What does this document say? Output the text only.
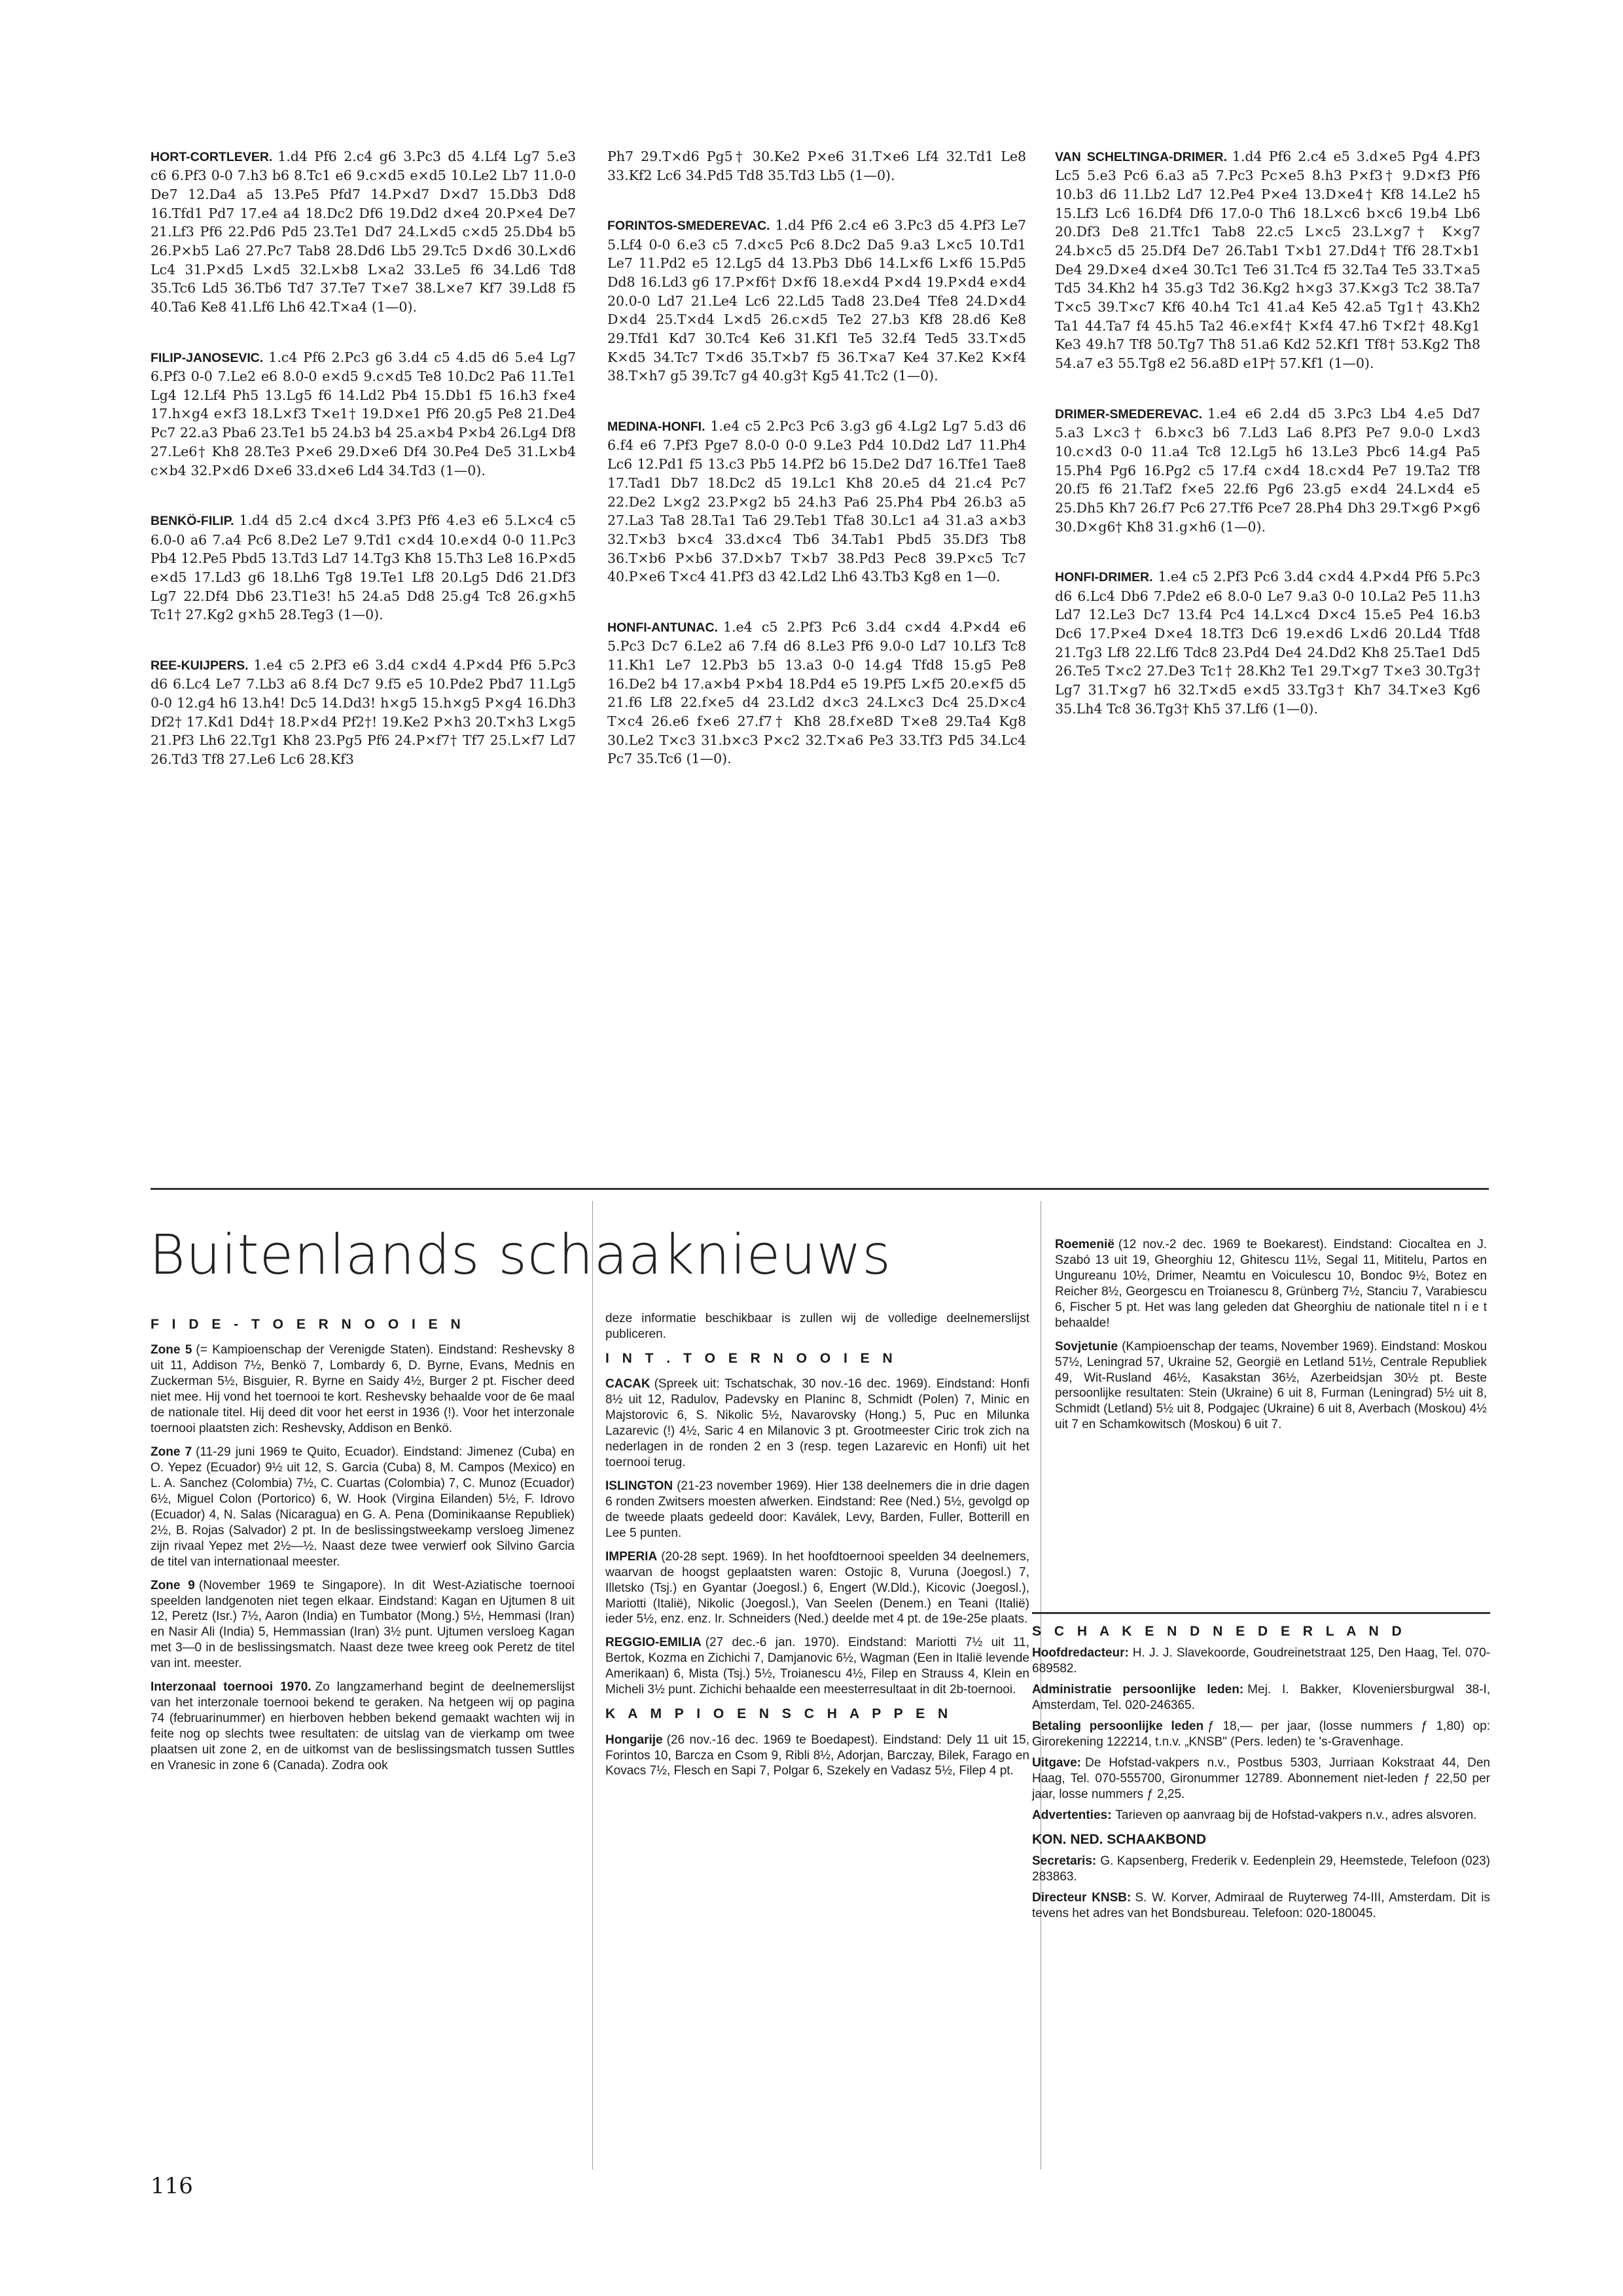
HORT-CORTLEVER. 1.d4 Pf6 2.c4 g6 3.Pc3 d5 4.Lf4 Lg7 5.e3 c6 6.Pf3 0-0 7.h3 b6 8.Tc1 e6 9.c×d5 e×d5 10.Le2 Lb7 11.0-0 De7 12.Da4 a5 13.Pe5 Pfd7 14.P×d7 D×d7 15.Db3 Dd8 16.Tfd1 Pd7 17.e4 a4 18.Dc2 Df6 19.Dd2 d×e4 20.P×e4 De7 21.Lf3 Pf6 22.Pd6 Pd5 23.Te1 Dd7 24.L×d5 c×d5 25.Db4 b5 26.P×b5 La6 27.Pc7 Tab8 28.Dd6 Lb5 29.Tc5 D×d6 30.L×d6 Lc4 31.P×d5 L×d5 32.L×b8 L×a2 33.Le5 f6 34.Ld6 Td8 35.Tc6 Ld5 36.Tb6 Td7 37.Te7 T×e7 38.L×e7 Kf7 39.Ld8 f5 40.Ta6 Ke8 41.Lf6 Lh6 42.T×a4 (1—0).
FILIP-JANOSEVIC. 1.c4 Pf6 2.Pc3 g6 3.d4 c5 4.d5 d6 5.e4 Lg7 6.Pf3 0-0 7.Le2 e6 8.0-0 e×d5 9.c×d5 Te8 10.Dc2 Pa6 11.Te1 Lg4 12.Lf4 Ph5 13.Lg5 f6 14.Ld2 Pb4 15.Db1 f5 16.h3 f×e4 17.h×g4 e×f3 18.L×f3 T×e1† 19.D×e1 Pf6 20.g5 Pe8 21.De4 Pc7 22.a3 Pba6 23.Te1 b5 24.b3 b4 25.a×b4 P×b4 26.Lg4 Df8 27.Le6† Kh8 28.Te3 P×e6 29.D×e6 Df4 30.Pe4 De5 31.L×b4 c×b4 32.P×d6 D×e6 33.d×e6 Ld4 34.Td3 (1—0).
BENKÖ-FILIP. 1.d4 d5 2.c4 d×c4 3.Pf3 Pf6 4.e3 e6 5.L×c4 c5 6.0-0 a6 7.a4 Pc6 8.De2 Le7 9.Td1 c×d4 10.e×d4 0-0 11.Pc3 Pb4 12.Pe5 Pbd5 13.Td3 Ld7 14.Tg3 Kh8 15.Th3 Le8 16.P×d5 e×d5 17.Ld3 g6 18.Lh6 Tg8 19.Te1 Lf8 20.Lg5 Dd6 21.Df3 Lg7 22.Df4 Db6 23.T1e3! h5 24.a5 Dd8 25.g4 Tc8 26.g×h5 Tc1† 27.Kg2 g×h5 28.Teg3 (1—0).
REE-KUIJPERS. 1.e4 c5 2.Pf3 e6 3.d4 c×d4 4.P×d4 Pf6 5.Pc3 d6 6.Lc4 Le7 7.Lb3 a6 8.f4 Dc7 9.f5 e5 10.Pde2 Pbd7 11.Lg5 0-0 12.g4 h6 13.h4! Dc5 14.Dd3! h×g5 15.h×g5 P×g4 16.Dh3 Df2† 17.Kd1 Dd4† 18.P×d4 Pf2†! 19.Ke2 P×h3 20.T×h3 L×g5 21.Pf3 Lh6 22.Tg1 Kh8 23.Pg5 Pf6 24.P×f7† Tf7 25.L×f7 Ld7 26.Td3 Tf8 27.Le6 Lc6 28.Kf3
Ph7 29.T×d6 Pg5† 30.Ke2 P×e6 31.T×e6 Lf4 32.Td1 Le8 33.Kf2 Lc6 34.Pd5 Td8 35.Td3 Lb5 (1—0).
FORINTOS-SMEDEREVAC. 1.d4 Pf6 2.c4 e6 3.Pc3 d5 4.Pf3 Le7 5.Lf4 0-0 6.e3 c5 7.d×c5 Pc6 8.Dc2 Da5 9.a3 L×c5 10.Td1 Le7 11.Pd2 e5 12.Lg5 d4 13.Pb3 Db6 14.L×f6 L×f6 15.Pd5 Dd8 16.Ld3 g6 17.P×f6† D×f6 18.e×d4 P×d4 19.P×d4 e×d4 20.0-0 Ld7 21.Le4 Lc6 22.Ld5 Tad8 23.De4 Tfe8 24.D×d4 D×d4 25.T×d4 L×d5 26.c×d5 Te2 27.b3 Kf8 28.d6 Ke8 29.Tfd1 Kd7 30.Tc4 Ke6 31.Kf1 Te5 32.f4 Ted5 33.T×d5 K×d5 34.Tc7 T×d6 35.T×b7 f5 36.T×a7 Ke4 37.Ke2 K×f4 38.T×h7 g5 39.Tc7 g4 40.g3† Kg5 41.Tc2 (1—0).
MEDINA-HONFI. 1.e4 c5 2.Pc3 Pc6 3.g3 g6 4.Lg2 Lg7 5.d3 d6 6.f4 e6 7.Pf3 Pge7 8.0-0 0-0 9.Le3 Pd4 10.Dd2 Ld7 11.Ph4 Lc6 12.Pd1 f5 13.c3 Pb5 14.Pf2 b6 15.De2 Dd7 16.Tfe1 Tae8 17.Tad1 Db7 18.Dc2 d5 19.Lc1 Kh8 20.e5 d4 21.c4 Pc7 22.De2 L×g2 23.P×g2 b5 24.h3 Pa6 25.Ph4 Pb4 26.b3 a5 27.La3 Ta8 28.Ta1 Ta6 29.Teb1 Tfa8 30.Lc1 a4 31.a3 a×b3 32.T×b3 b×c4 33.d×c4 Tb6 34.Tab1 Pbd5 35.Df3 Tb8 36.T×b6 P×b6 37.D×b7 T×b7 38.Pd3 Pec8 39.P×c5 Tc7 40.P×e6 T×c4 41.Pf3 d3 42.Ld2 Lh6 43.Tb3 Kg8 en 1—0.
HONFI-ANTUNAC. 1.e4 c5 2.Pf3 Pc6 3.d4 c×d4 4.P×d4 e6 5.Pc3 Dc7 6.Le2 a6 7.f4 d6 8.Le3 Pf6 9.0-0 Ld7 10.Lf3 Tc8 11.Kh1 Le7 12.Pb3 b5 13.a3 0-0 14.g4 Tfd8 15.g5 Pe8 16.De2 b4 17.a×b4 P×b4 18.Pd4 e5 19.Pf5 L×f5 20.e×f5 d5 21.f6 Lf8 22.f×e5 d4 23.Ld2 d×c3 24.L×c3 Dc4 25.D×c4 T×c4 26.e6 f×e6 27.f7† Kh8 28.f×e8D T×e8 29.Ta4 Kg8 30.Le2 T×c3 31.b×c3 P×c2 32.T×a6 Pe3 33.Tf3 Pd5 34.Lc4 Pc7 35.Tc6 (1—0).
VAN SCHELTINGA-DRIMER. 1.d4 Pf6 2.c4 e5 3.d×e5 Pg4 4.Pf3 Lc5 5.e3 Pc6 6.a3 a5 7.Pc3 Pc×e5 8.h3 P×f3† 9.D×f3 Pf6 10.b3 d6 11.Lb2 Ld7 12.Pe4 P×e4 13.D×e4† Kf8 14.Le2 h5 15.Lf3 Lc6 16.Df4 Df6 17.0-0 Th6 18.L×c6 b×c6 19.b4 Lb6 20.Df3 De8 21.Tfc1 Tab8 22.c5 L×c5 23.L×g7† K×g7 24.b×c5 d5 25.Df4 De7 26.Tab1 T×b1 27.Dd4† Tf6 28.T×b1 De4 29.D×e4 d×e4 30.Tc1 Te6 31.Tc4 f5 32.Ta4 Te5 33.T×a5 Td5 34.Kh2 h4 35.g3 Td2 36.Kg2 h×g3 37.K×g3 Tc2 38.Ta7 T×c5 39.T×c7 Kf6 40.h4 Tc1 41.a4 Ke5 42.a5 Tg1† 43.Kh2 Ta1 44.Ta7 f4 45.h5 Ta2 46.e×f4† K×f4 47.h6 T×f2† 48.Kg1 Ke3 49.h7 Tf8 50.Tg7 Th8 51.a6 Kd2 52.Kf1 Tf8† 53.Kg2 Th8 54.a7 e3 55.Tg8 e2 56.a8D e1P† 57.Kf1 (1—0).
DRIMER-SMEDEREVAC. 1.e4 e6 2.d4 d5 3.Pc3 Lb4 4.e5 Dd7 5.a3 L×c3† 6.b×c3 b6 7.Ld3 La6 8.Pf3 Pe7 9.0-0 L×d3 10.c×d3 0-0 11.a4 Tc8 12.Lg5 h6 13.Le3 Pbc6 14.g4 Pa5 15.Ph4 Pg6 16.Pg2 c5 17.f4 c×d4 18.c×d4 Pe7 19.Ta2 Tf8 20.f5 f6 21.Taf2 f×e5 22.f6 Pg6 23.g5 e×d4 24.L×d4 e5 25.Dh5 Kh7 26.f7 Pc6 27.Tf6 Pce7 28.Ph4 Dh3 29.T×g6 P×g6 30.D×g6† Kh8 31.g×h6 (1—0).
HONFI-DRIMER. 1.e4 c5 2.Pf3 Pc6 3.d4 c×d4 4.P×d4 Pf6 5.Pc3 d6 6.Lc4 Db6 7.Pde2 e6 8.0-0 Le7 9.a3 0-0 10.La2 Pe5 11.h3 Ld7 12.Le3 Dc7 13.f4 Pc4 14.L×c4 D×c4 15.e5 Pe4 16.b3 Dc6 17.P×e4 D×e4 18.Tf3 Dc6 19.e×d6 L×d6 20.Ld4 Tfd8 21.Tg3 Lf8 22.Lf6 Tdc8 23.Pd4 De4 24.Dd2 Kh8 25.Tae1 Dd5 26.Te5 T×c2 27.De3 Tc1† 28.Kh2 Te1 29.T×g7 T×e3 30.Tg3† Lg7 31.T×g7 h6 32.T×d5 e×d5 33.Tg3† Kh7 34.T×e3 Kg6 35.Lh4 Tc8 36.Tg3† Kh5 37.Lf6 (1—0).
Buitenlands schaaknieuws
F I D E - T O E R N O O I E N

Zone 5 (= Kampioenschap der Verenigde Staten). Eindstand: Reshevsky 8 uit 11, Addison 7½, Benkö 7, Lombardy 6, D. Byrne, Evans, Mednis en Zuckerman 5½, Bisguier, R. Byrne en Saidy 4½, Burger 2 pt. Fischer deed niet mee. Hij vond het toernooi te kort. Reshevsky behaalde voor de 6e maal de nationale titel. Hij deed dit voor het eerst in 1936 (!). Voor het interzonale toernooi plaatsten zich: Reshevsky, Addison en Benkö.

Zone 7 (11-29 juni 1969 te Quito, Ecuador). Eindstand: Jimenez (Cuba) en O. Yepez (Ecuador) 9½ uit 12, S. Garcia (Cuba) 8, M. Campos (Mexico) en L. A. Sanchez (Colombia) 7½, C. Cuartas (Colombia) 7, C. Munoz (Ecuador) 6½, Miguel Colon (Portorico) 6, W. Hook (Virgina Eilanden) 5½, F. Idrovo (Ecuador) 4, N. Salas (Nicaragua) en G. A. Pena (Dominikaanse Republiek) 2½, B. Rojas (Salvador) 2 pt. In de beslissingstweekamp versloeg Jimenez zijn rivaal Yepez met 2½—½. Naast deze twee verwierf ook Silvino Garcia de titel van internationaal meester.

Zone 9 (November 1969 te Singapore). In dit West-Aziatische toernooi speelden landgenoten niet tegen elkaar. Eindstand: Kagan en Ujtumen 8 uit 12, Peretz (Isr.) 7½, Aaron (India) en Tumbator (Mong.) 5½, Hemmasi (Iran) en Nasir Ali (India) 5, Hemmassian (Iran) 3½ punt. Ujtumen versloeg Kagan met 3—0 in de beslissingsmatch. Naast deze twee kreeg ook Peretz de titel van int. meester.

Interzonaal toernooi 1970. Zo langzamerhand begint de deelnemerslijst van het interzonale toernooi bekend te geraken. Na hetgeen wij op pagina 74 (februarinummer) en hierboven hebben bekend gemaakt wachten wij in feite nog op slechts twee resultaten: de uitslag van de vierkamp om twee plaatsen uit zone 2, en de uitkomst van de beslissingsmatch tussen Suttles en Vranesic in zone 6 (Canada). Zodra ook

deze informatie beschikbaar is zullen wij de volledige deelnemerslijst publiceren.

I N T . T O E R N O O I E N

CACAK (Spreek uit: Tschatschak, 30 nov.-16 dec. 1969). Eindstand: Honfi 8½ uit 12, Radulov, Padevsky en Planinc 8, Schmidt (Polen) 7, Minic en Majstorovic 6, S. Nikolic 5½, Navarovsky (Hong.) 5, Puc en Milunka Lazarevic (!) 4½, Saric 4 en Milanovic 3 pt. Grootmeester Ciric trok zich na nederlagen in de ronden 2 en 3 (resp. tegen Lazarevic en Honfi) uit het toernooi terug.

ISLINGTON (21-23 november 1969). Hier 138 deelnemers die in drie dagen 6 ronden Zwitsers moesten afwerken. Eindstand: Ree (Ned.) 5½, gevolgd op de tweede plaats gedeeld door: Kaválek, Levy, Barden, Fuller, Botterill en Lee 5 punten.

IMPERIA (20-28 sept. 1969). In het hoofdtoernooi speelden 34 deelnemers, waarvan de hoogst geplaatsten waren: Ostojic 8, Vuruna (Joegosl.) 7, Illetsko (Tsj.) en Gyantar (Joegosl.) 6, Engert (W.Dld.), Kicovic (Joegosl.), Mariotti (Italië), Nikolic (Joegosl.), Van Seelen (Denem.) en Teani (Italië) ieder 5½, enz. enz. Ir. Schneiders (Ned.) deelde met 4 pt. de 19e-25e plaats.

REGGIO-EMILIA (27 dec.-6 jan. 1970). Eindstand: Mariotti 7½ uit 11, Bertok, Kozma en Zichichi 7, Damjanovic 6½, Wagman (Een in Italië levende Amerikaan) 6, Mista (Tsj.) 5½, Troianescu 4½, Filep en Strauss 4, Klein en Micheli 3½ punt. Zichichi behaalde een meesterresultaat in dit 2b-toernooi.

K A M P I O E N S C H A P P E N

Hongarije (26 nov.-16 dec. 1969 te Boedapest). Eindstand: Dely 11 uit 15, Forintos 10, Barcza en Csom 9, Ribli 8½, Adorjan, Barczay, Bilek, Farago en Kovacs 7½, Flesch en Sapi 7, Polgar 6, Szekely en Vadasz 5½, Filep 4 pt.

Roemenië (12 nov.-2 dec. 1969 te Boekarest). Eindstand: Ciocaltea en J. Szabó 13 uit 19, Gheorghiu 12, Ghitescu 11½, Segal 11, Mititelu, Partos en Ungureanu 10½, Drimer, Neamtu en Voiculescu 10, Bondoc 9½, Botez en Reicher 8½, Georgescu en Troianescu 8, Grünberg 7½, Stanciu 7, Varabiescu 6, Fischer 5 pt. Het was lang geleden dat Gheorghiu de nationale titel n i e t behaalde!

Sovjetunie (Kampioenschap der teams, November 1969). Eindstand: Moskou 57½, Leningrad 57, Ukraine 52, Georgië en Letland 51½, Centrale Republiek 49, Wit-Rusland 46½, Kasakstan 36½, Azerbeidsjan 30½ pt. Beste persoonlijke resultaten: Stein (Ukraine) 6 uit 8, Furman (Leningrad) 5½ uit 8, Schmidt (Letland) 5½ uit 8, Podgajec (Ukraine) 6 uit 8, Averbach (Moskou) 4½ uit 7 en Schamkowitsch (Moskou) 6 uit 7.

S C H A K E N D N E D E R L A N D

Hoofdredacteur: H. J. J. Slavekoorde, Goudreinetstraat 125, Den Haag, Tel. 070-689582.

Administratie persoonlijke leden: Mej. I. Bakker, Kloveniersburgwal 38-I, Amsterdam, Tel. 020-246365.

Betaling persoonlijke leden ƒ 18,— per jaar, (losse nummers ƒ 1,80) op: Girorekening 122214, t.n.v. „KNSB" (Pers. leden) te 's-Gravenhage.

Uitgave: De Hofstad-vakpers n.v., Postbus 5303, Jurriaan Kokstraat 44, Den Haag, Tel. 070-555700, Gironummer 12789. Abonnement niet-leden ƒ 22,50 per jaar, losse nummers ƒ 2,25.

Advertenties: Tarieven op aanvraag bij de Hofstad-vakpers n.v., adres alsvoren.

KON. NED. SCHAAKBOND

Secretaris: G. Kapsenberg, Frederik v. Eedenplein 29, Heemstede, Telefoon (023) 283863.

Directeur KNSB: S. W. Korver, Admiraal de Ruyterweg 74-III, Amsterdam. Dit is tevens het adres van het Bondsbureau. Telefoon: 020-180045.

116
